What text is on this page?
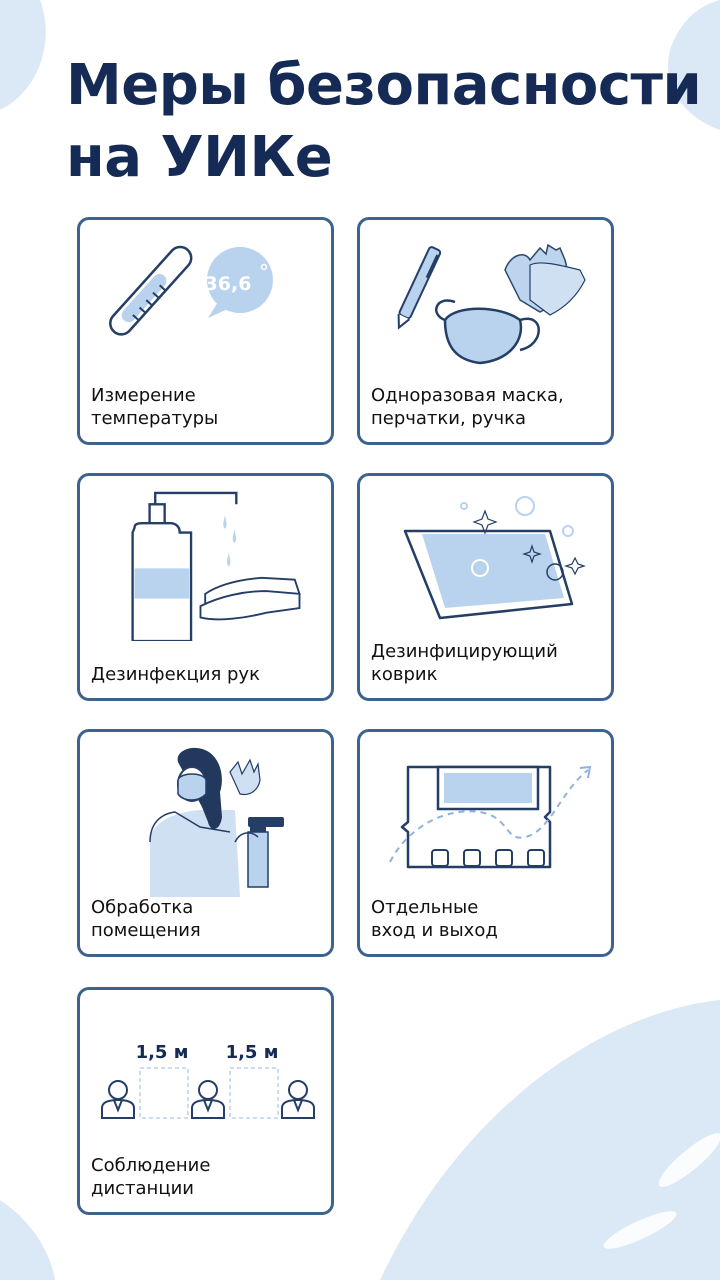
Меры безопасности
на УИКе
36,6
Измерение
температуры
Одноразовая маска,
перчатки, ручка
Дезинфекция рук
Дезинфицирующий
коврик
Обработка
помещения
Отдельные
вход и выход
1,5 м 1,5 м
Соблюдение
дистанции
